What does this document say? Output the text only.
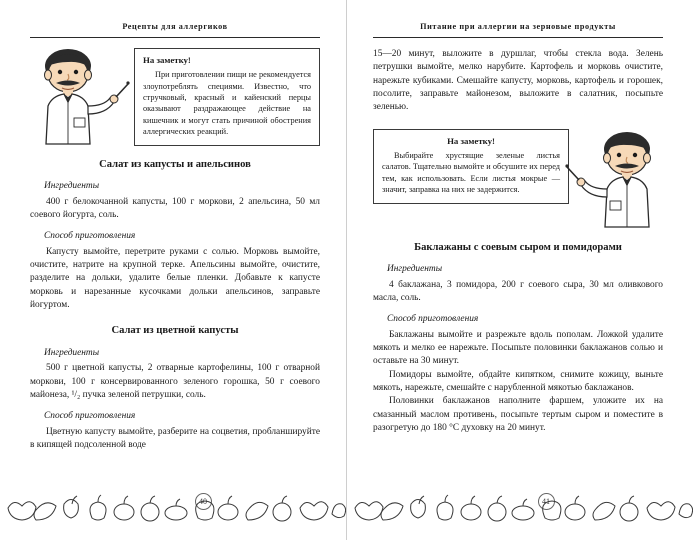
Рецепты для аллергиков
На заметку!

При приготовлении пищи не рекомендуется злоупотреблять специями. Известно, что стручковый, красный и кайенский перцы оказывают раздражающее действие на кишечник и могут стать причиной обострения аллергических реакций.

Салат из капусты и апельсинов
Ингредиенты

400 г белокочанной капусты, 100 г моркови, 2 апельсина, 50 мл соевого йогурта, соль.

Способ приготовления

Капусту вымойте, перетрите руками с солью. Морковь вымойте, очистите, натрите на крупной терке. Апельсины вымойте, очистите, разделите на дольки, удалите белые пленки. Добавьте к капусте морковь и нарезанные кусочками дольки апельсинов, заправьте йогуртом.

Салат из цветной капусты
Ингредиенты

500 г цветной капусты, 2 отварные картофелины, 100 г отварной моркови, 100 г консервированного зеленого горошка, 50 г соевого майонеза, ¹/₂ пучка зеленой петрушки, соль.

Способ приготовления

Цветную капусту вымойте, разберите на соцветия, пробланшируйте в кипящей подсоленной воде

40
Питание при аллергии на зерновые продукты

15—20 минут, выложите в дуршлаг, чтобы стекла вода. Зелень петрушки вымойте, мелко нарубите. Картофель и морковь очистите, нарежьте кубиками. Смешайте капусту, морковь, картофель и горошек, посолите, заправьте майонезом, выложите в салатник, посыпьте зеленью.

На заметку!

Выбирайте хрустящие зеленые листья салатов. Тщательно вымойте и обсушите их перед тем, как использовать. Если листья мокрые — значит, заправка на них не задержится.

Баклажаны с соевым сыром и помидорами
Ингредиенты

4 баклажана, 3 помидора, 200 г соевого сыра, 30 мл оливкового масла, соль.

Способ приготовления

Баклажаны вымойте и разрежьте вдоль пополам. Ложкой удалите мякоть и мелко ее нарежьте. Посыпьте половинки баклажанов солью и оставьте на 30 минут.

Помидоры вымойте, обдайте кипятком, снимите кожицу, выньте мякоть, нарежьте, смешайте с нарубленной мякотью баклажанов.

Половинки баклажанов наполните фаршем, уложите их на смазанный маслом противень, посыпьте тертым сыром и поместите в разогретую до 180 °C духовку на 20 минут.

41
